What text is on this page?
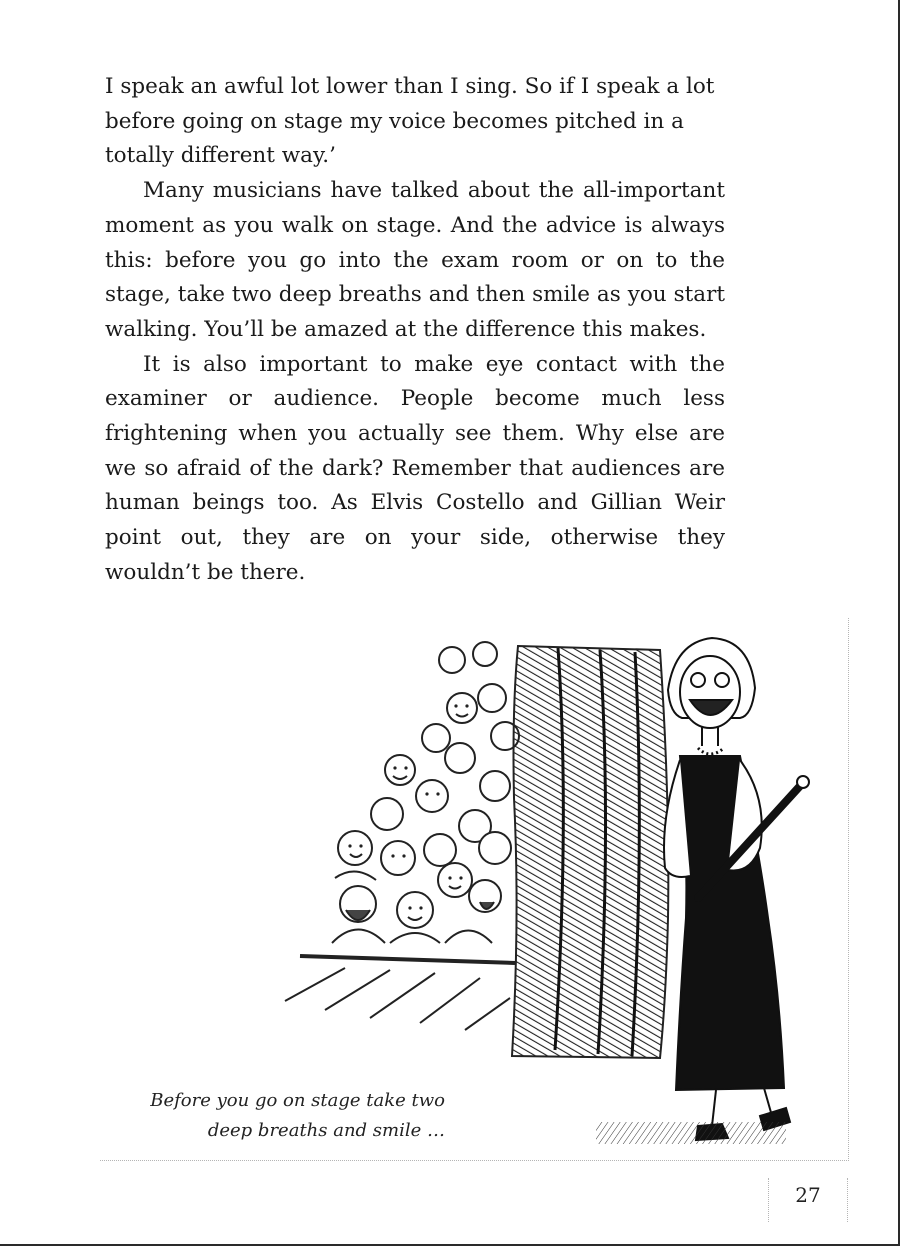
I speak an awful lot lower than I sing. So if I speak a lot before going on stage my voice becomes pitched in a totally different way.’

Many musicians have talked about the all-important moment as you walk on stage. And the advice is always this: before you go into the exam room or on to the stage, take two deep breaths and then smile as you start walking. You’ll be amazed at the difference this makes.

It is also important to make eye contact with the examiner or audience. People become much less frightening when you actually see them. Why else are we so afraid of the dark? Remember that audiences are human beings too. As Elvis Costello and Gillian Weir point out, they are on your side, otherwise they wouldn’t be there.

Before you go on stage take two
deep breaths and smile …
27
